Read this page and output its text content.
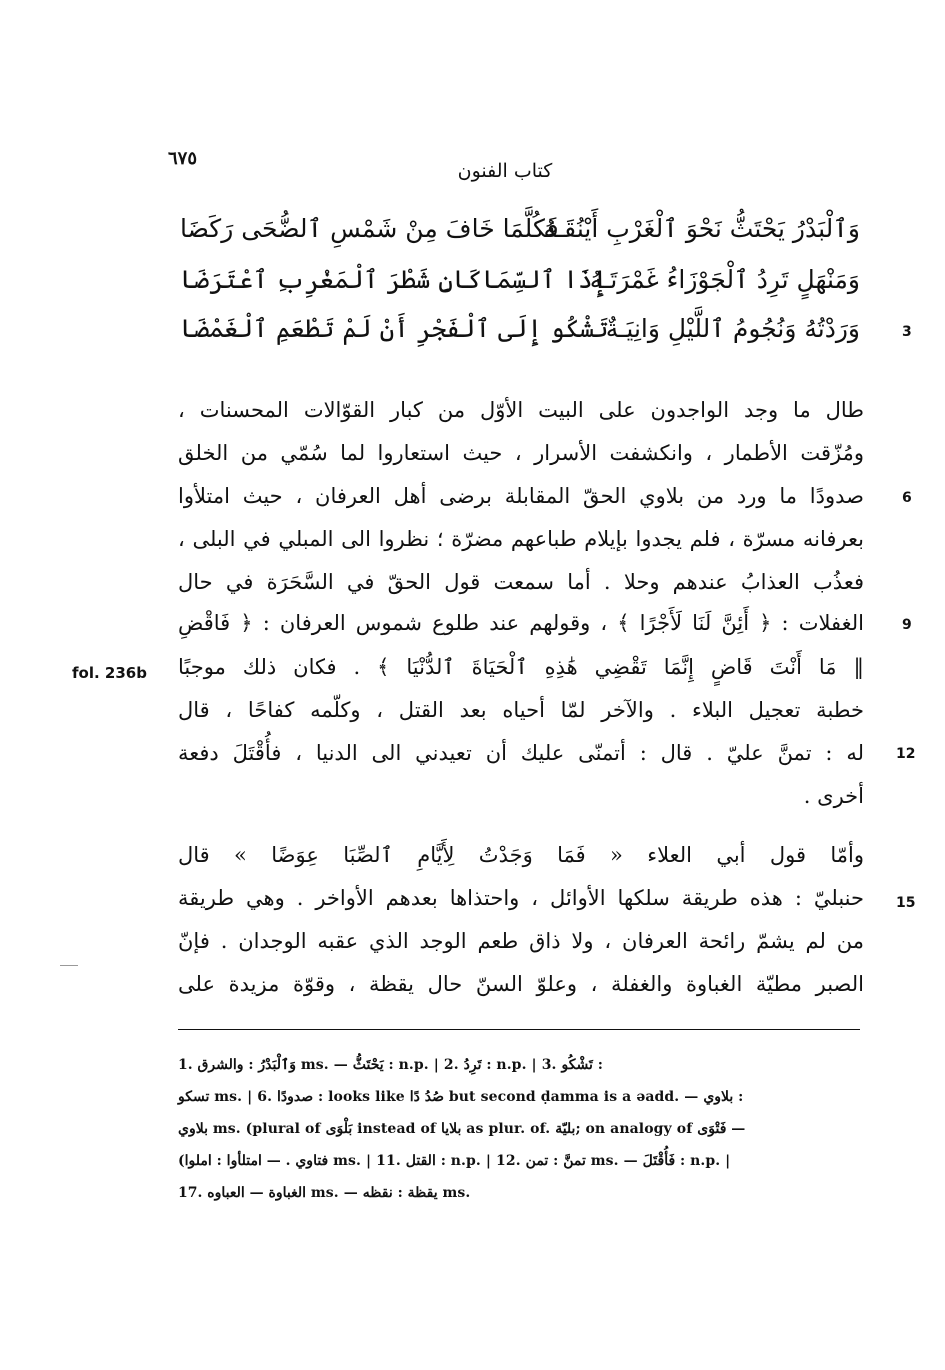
٦٧٥
كتاب الفنون
وَٱلْبَدْرُ يَحْتَثُّ نَحْوَ ٱلْغَرْبِ أَيْنُقَـهُ
فَكُلَّمَا خَافَ مِنْ شَمْسِ ٱلضُّحَى رَكَضَا
وَمَنْهَلٍ تَرِدُ ٱلْجَوْزَاءُ غَمْرَتَـهُ
إِذَا ٱلسِّمَاكَانِ شَطْرَ ٱلْمَغْرِبِ ٱعْتَرَضَا
وَرَدْتُهُ وَنُجُومُ ٱللَّيْلِ وَانِيَـةٌ
تَشْكُو إِلَى ٱلْفَجْرِ أَنْ لَمْ تَطْعَمِ ٱلْغَمْضَا	3
6
9
12
15
fol. 236b
طال ما وجد الواجدون على البيت الأوّل من كبار القوّالات المحسنات ،
ومُزّقت الأطمار ، وانكشفت الأسرار ، حيث استعاروا لما سُمّي من الخلق
صدودًا ما ورد من بلاوي الحقّ المقابلة برضى أهل العرفان ، حيث امتلأوا
بعرفانه مسرّة ، فلم يجدوا بإيلام طباعهم مضرّة ؛ نظروا الى المبلي في البلى ،
فعذُب العذابُ عندهم وحلا . أما سمعت قول الحقّ في السَّحَرَة في حال
الغفلات : ﴿ أَئِنَّ لَنَا لَأَجْرًا ﴾ ، وقولهم عند طلوع شموس العرفان : ﴿ فَاقْضِ
‖ مَا أَنْتَ قَاضٍ إِنَّمَا تَقْضِي هَٰذِهِ ٱلْحَيَاةَ ٱلدُّنْيَا ﴾ . فكان ذلك موجبًا
خطبة تعجيل البلاء . والآخر لمّا أحياه بعد القتل ، وكلّمه كفاحًا ، قال
له : تمنَّ عليّ . قال : أتمنّى عليك أن تعيدني الى الدنيا ، فأُقْتَلَ دفعة
أخرى .
وأمّا قول أبي العلاء « فَمَا وَجَدْتُ لِأَيَّامِ ٱلصِّبَا عِوَضًا » قال
حنبليّ : هذه طريقة سلكها الأوائل ، واحتذاها بعدهم الأواخر . وهي طريقة
من لم يشمّ رائحة العرفان ، ولا ذاق طعم الوجد الذي عقبه الوجدان . فإنّ
الصبر مطيّة الغباوة والغفلة ، وعلوّ السنّ حال يقظة ، وقوّة مزيدة على
1. وَٱلْبَدْرُ : والشرق ms. — يَحْتَثُّ : n.p. | 2. تَرِدُ : n.p. | 3. تَشْكُو :
تسكو ms. | 6. صدودًا : looks like صُدُ دًا but second ḍamma is a ǝadd. — بلاوي :
بلاوي ms. (plural of بَلْوَى instead of بلايا as plur. of. بليّة; on analogy of فَتْوَى —
(فتاوي . — امتلأوا : املوا ms. | 11. القتل : n.p. | 12. تمنَّ : تمن ms. — فَأُقْتَلَ : n.p. |
17. الغباوة — العباوه ms. — يقظة : نقظه ms.
